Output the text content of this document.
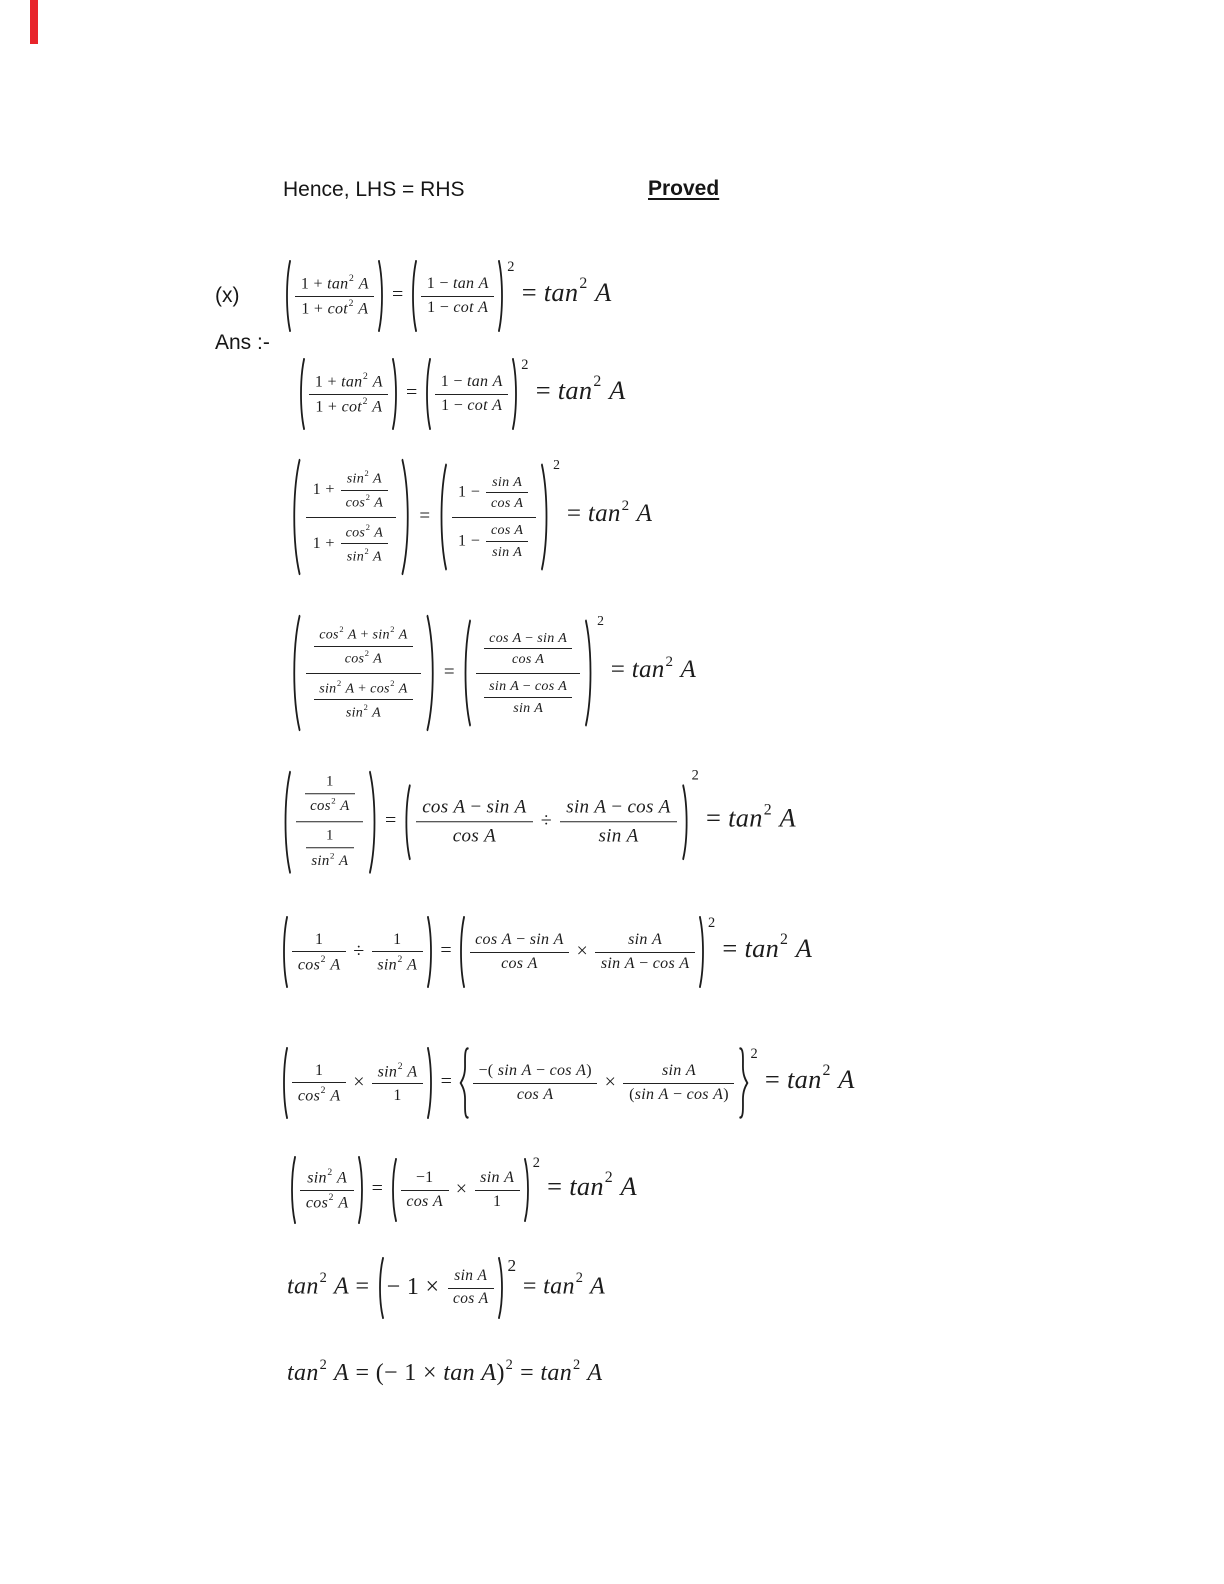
Hence, LHS = RHS	Proved
(x)
Ans :-
$\frac{1 + \tan^2 A}{1 + \cot^2 A} = \frac{\text{1 − tan A}}{\text{1 − cot A}}$
$^2 = \tan^2 A$
$\frac{1 + \tan^2 A}{1 + \cot^2 A} = \frac{\text{1 − tan A}}{\text{1 − cot A}}$
$^2 = \tan^2 A$
$\frac{1 + \frac{\sin^2 A}{\cos^2 A}}{1 + \frac{\cos^2 A}{\sin^2 A}} = \frac{1 - \frac{\text{sin A}}{\text{cos A}}}{1 - \frac{\text{cos A}}{\text{sin A}}}$
$^2 = \tan^2 A$
$\frac{\frac{\cos^2 A + \sin^2 A}{\cos^2 A}}{\frac{\sin^2 A + \cos^2 A}{\sin^2 A}} = \frac{\frac{\text{cos A − sin A}}{\text{cos A}}}{\frac{\text{sin A − cos A}}{\text{sin A}}}$
$^2 = \tan^2 A$
$\frac{\frac{1}{\cos^2 A}}{\frac{1}{\sin^2 A}} = \frac{\text{cos A − sin A}}{\text{cos A}} \div \frac{\text{sin A − cos A}}{\text{sin A}}$
$^2 = \tan^2 A$
$\frac{1}{\cos^2 A} \div \frac{1}{\sin^2 A} = \frac{\text{cos A − sin A}}{\text{cos A}} \times \frac{\text{sin A}}{\text{sin A − cos A}}$
$^2 = \tan^2 A$
$\frac{1}{\cos^2 A} \times \frac{\sin^2 A}{1} = \frac{\text{−( sin A − cos A)}}{\text{cos A}} \times \frac{\text{sin A}}{\text{(sin A − cos A)}}$
$^2 = \tan^2 A$
$\frac{\sin^2 A}{\cos^2 A} = \frac{-1}{\text{cos A}} \times \frac{\text{sin A}}{1}$
$^2 = \tan^2 A$
$\tan^2 A$ = − $1 \times \frac{\text{sin A}}{\text{cos A}} ^2 = \tan^2 A$
$\tan^2 A$ = (− $1 \times \tan A)^2 = \tan^2 A$
